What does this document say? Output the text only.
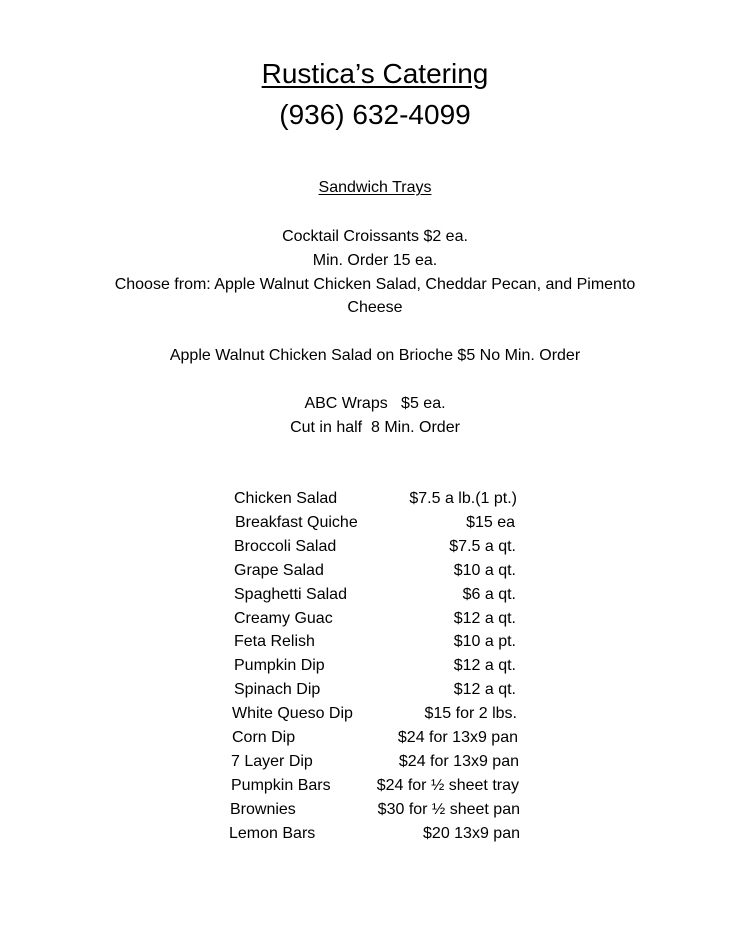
Rustica’s Catering
(936) 632-4099
Sandwich Trays
Cocktail Croissants $2 ea.
Min. Order 15 ea.
Choose from: Apple Walnut Chicken Salad, Cheddar Pecan, and Pimento
Cheese
Apple Walnut Chicken Salad on Brioche $5 No Min. Order
ABC Wraps   $5 ea.
Cut in half  8 Min. Order
Chicken Salad	$7.5 a lb.(1 pt.)
Breakfast Quiche	$15 ea
Broccoli Salad	$7.5 a qt.
Grape Salad	$10 a qt.
Spaghetti Salad	$6 a qt.
Creamy Guac	$12 a qt.
Feta Relish	$10 a pt.
Pumpkin Dip	$12 a qt.
Spinach Dip	$12 a qt.
White Queso Dip	$15 for 2 lbs.
Corn Dip	$24 for 13x9 pan
7 Layer Dip	$24 for 13x9 pan
Pumpkin Bars	$24 for ½ sheet tray
Brownies	$30 for ½ sheet pan
Lemon Bars	$20 13x9 pan
